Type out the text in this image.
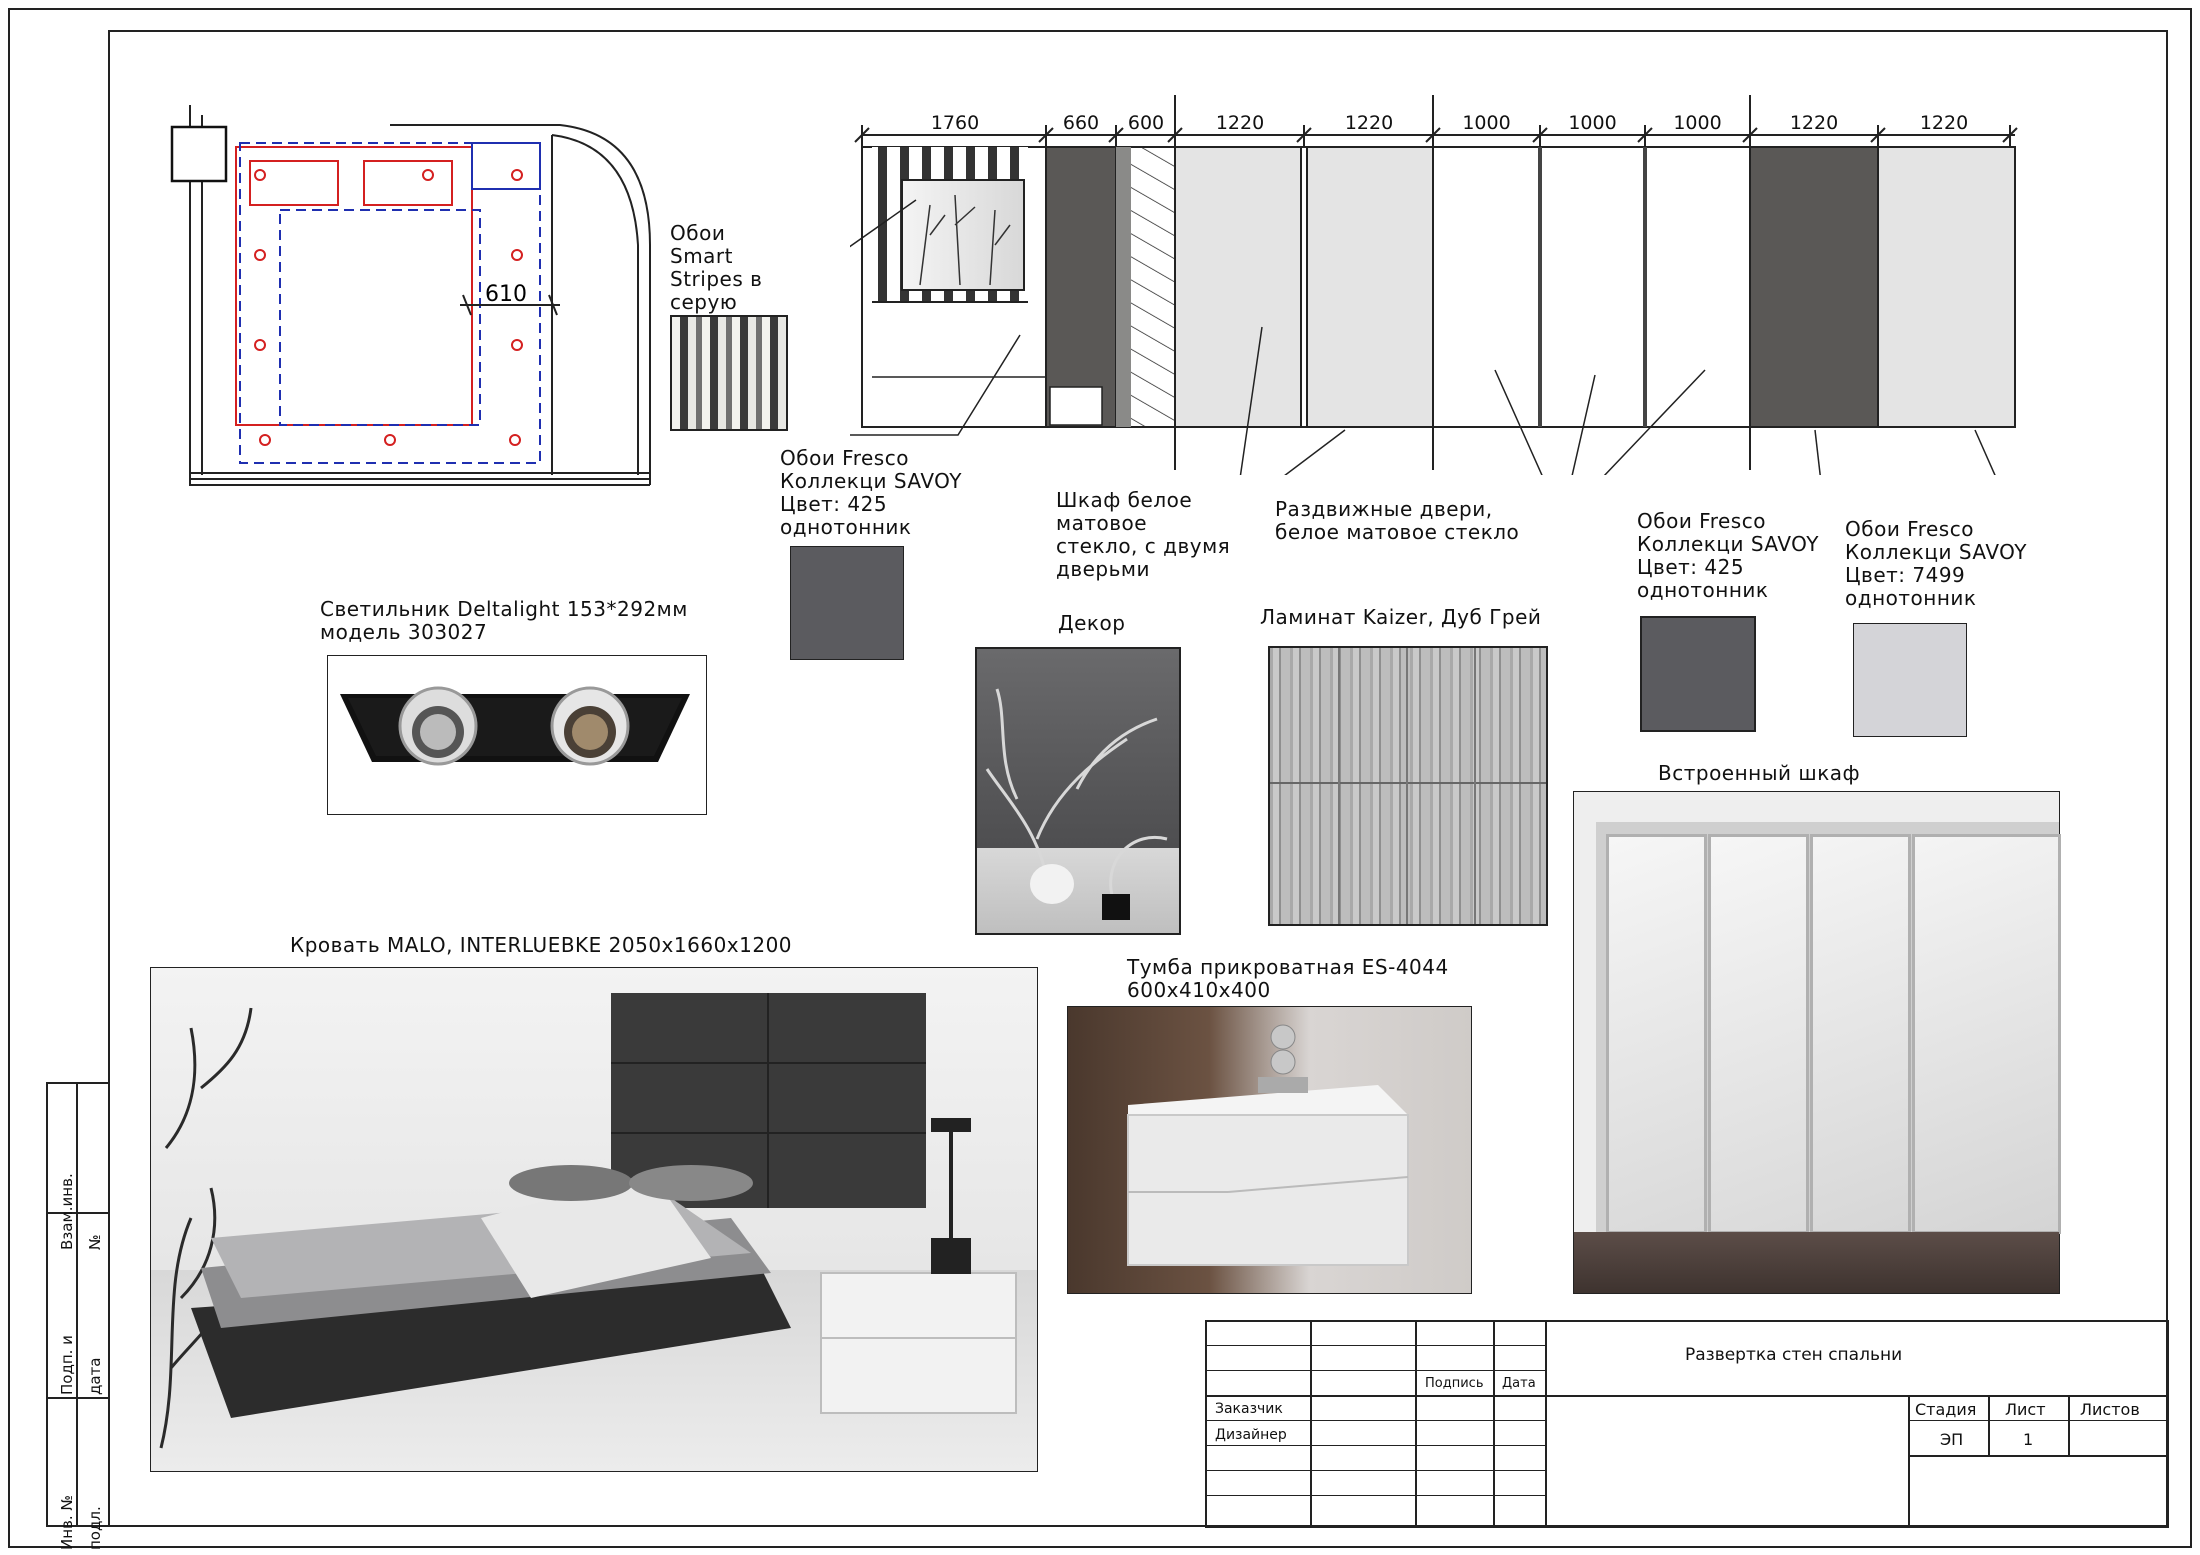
Взам.инв.
№
Подп. и
дата
Инв. №
подл.
610
1760	660	600	1220	1220	1000	1000	1000	1220	1220
Обои
Smart
Stripes в
серую
Обои Fresco
Коллекци SAVOY
Цвет: 425
однотонник
Шкаф белое
матовое
стекло, с двумя
дверьми
Раздвижные двери,
белое матовое стекло	Обои Fresco
Коллекци SAVOY
Цвет: 425
однотонник
Обои Fresco
Коллекци SAVOY
Цвет: 7499
однотонник
Светильник Deltalight 153*292мм
модель 303027	Декор	Ламинат Kaizer, Дуб Грей
Встроенный шкаф
Кровать MALO, INTERLUEBKE 2050х1660х1200
Тумба прикроватная ES-4044
600х410х400
Развертка стен спальни
Подпись Дата
Заказчик
Дизайнер
Стадия Лист Листов
ЭП	1
